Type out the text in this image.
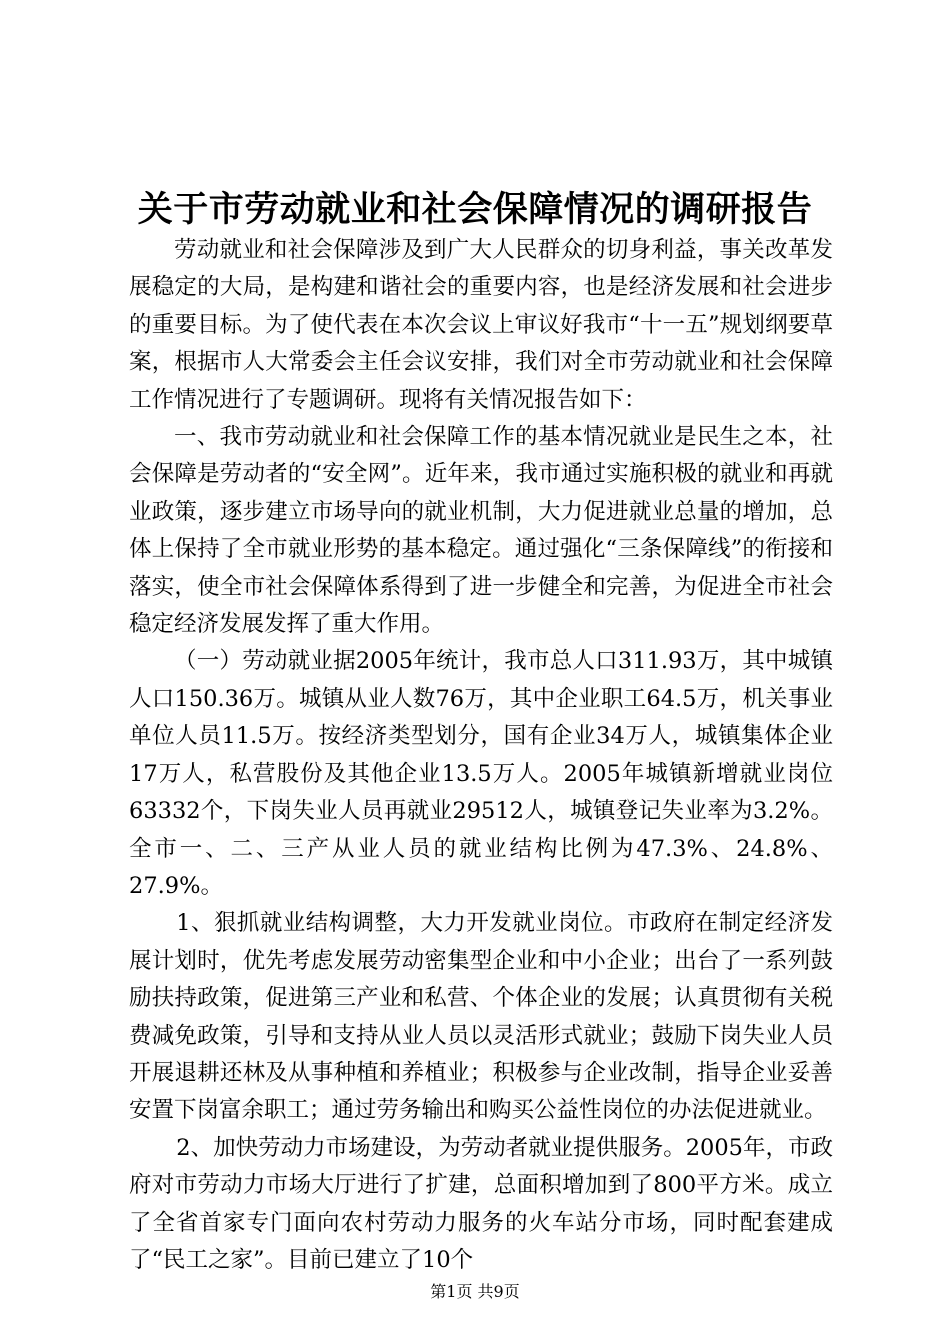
关于市劳动就业和社会保障情况的调研报告

劳动就业和社会保障涉及到广大人民群众的切身利益，事关改革发展稳定的大局，是构建和谐社会的重要内容，也是经济发展和社会进步的重要目标。为了使代表在本次会议上审议好我市“十一五”规划纲要草案，根据市人大常委会主任会议安排，我们对全市劳动就业和社会保障工作情况进行了专题调研。现将有关情况报告如下：

一、我市劳动就业和社会保障工作的基本情况就业是民生之本，社会保障是劳动者的“安全网”。近年来，我市通过实施积极的就业和再就业政策，逐步建立市场导向的就业机制，大力促进就业总量的增加，总体上保持了全市就业形势的基本稳定。通过强化“三条保障线”的衔接和落实，使全市社会保障体系得到了进一步健全和完善，为促进全市社会稳定经济发展发挥了重大作用。

（一）劳动就业据2005年统计，我市总人口311.93万，其中城镇人口150.36万。城镇从业人数76万，其中企业职工64.5万，机关事业单位人员11.5万。按经济类型划分，国有企业34万人，城镇集体企业17万人，私营股份及其他企业13.5万人。2005年城镇新增就业岗位63332个，下岗失业人员再就业29512人，城镇登记失业率为3.2%。全市一、二、三产从业人员的就业结构比例为47.3%、24.8%、27.9%。

1、狠抓就业结构调整，大力开发就业岗位。市政府在制定经济发展计划时，优先考虑发展劳动密集型企业和中小企业；出台了一系列鼓励扶持政策，促进第三产业和私营、个体企业的发展；认真贯彻有关税费减免政策，引导和支持从业人员以灵活形式就业；鼓励下岗失业人员开展退耕还林及从事种植和养植业；积极参与企业改制，指导企业妥善安置下岗富余职工；通过劳务输出和购买公益性岗位的办法促进就业。

2、加快劳动力市场建设，为劳动者就业提供服务。2005年，市政府对市劳动力市场大厅进行了扩建，总面积增加到了800平方米。成立了全省首家专门面向农村劳动力服务的火车站分市场，同时配套建成了“民工之家”。目前已建立了10个

第1页 共9页
